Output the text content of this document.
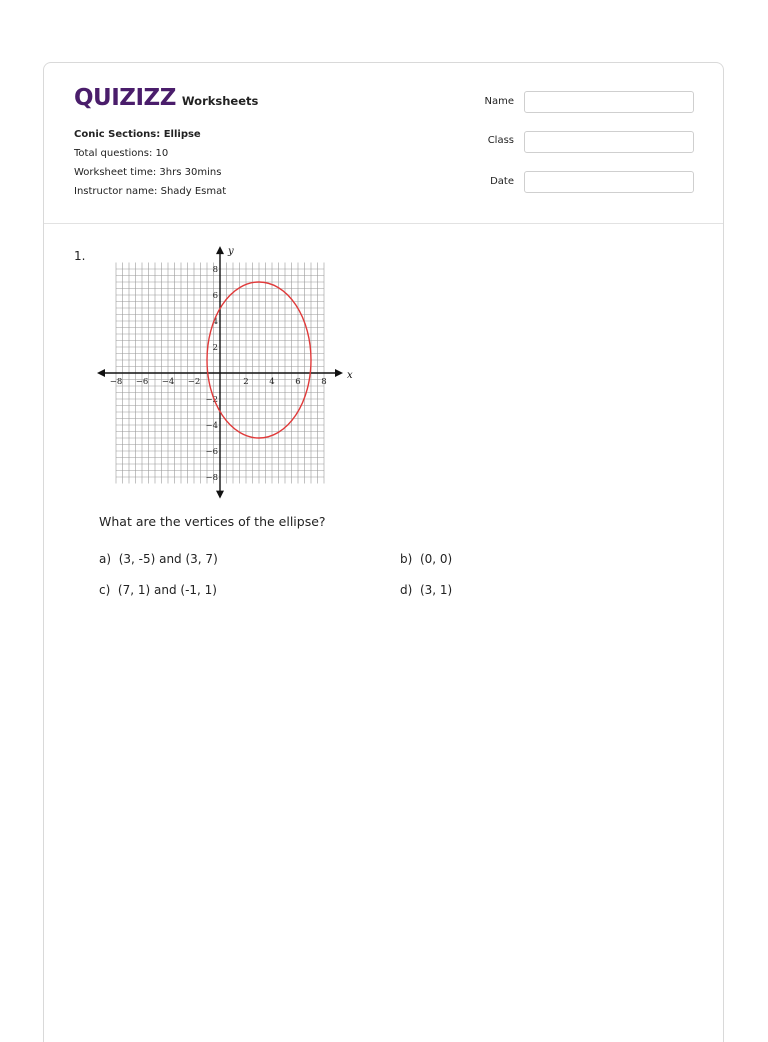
QUIZIZZ Worksheets
Conic Sections: Ellipse
Total questions: 10
Worksheet time: 3hrs 30mins
Instructor name: Shady Esmat
Name
Class
Date
1.
−8 −6 −4 −2	2 4 6 8
8
6
4
2
−2
−4
−6
−8
x
y
What are the vertices of the ellipse?
a) (3, -5) and (3, 7)	b) (0, 0)
c) (7, 1) and (-1, 1)	d) (3, 1)
